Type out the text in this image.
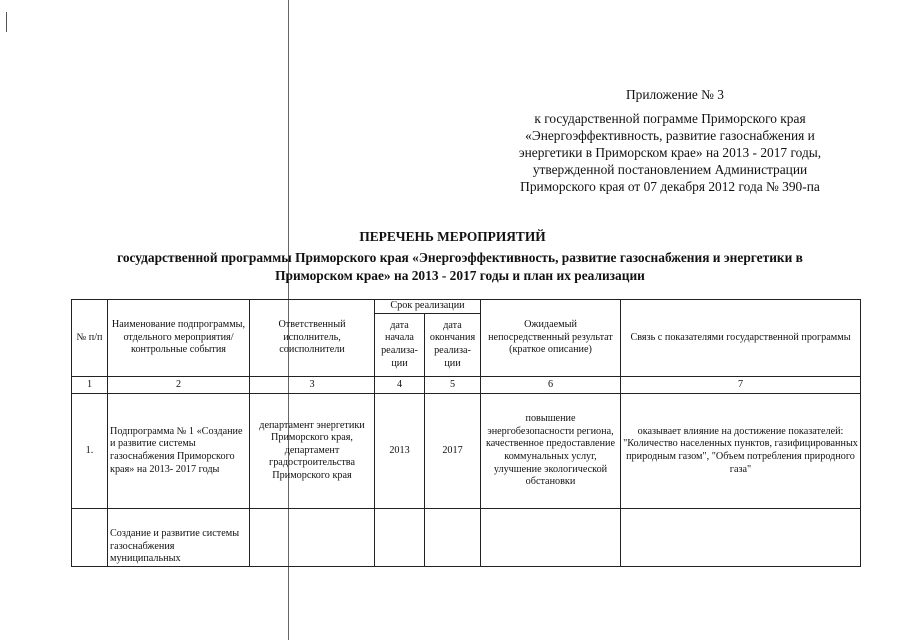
Приложение № 3
к государственной пограмме Приморского края
«Энергоэффективность, развитие газоснабжения и
энергетики в Приморском крае» на 2013 - 2017 годы,
утвержденной постановлением Администрации
Приморского края от 07 декабря 2012 года № 390-па
ПЕРЕЧЕНЬ МЕРОПРИЯТИЙ
государственной программы Приморского края «Энергоэффективность, развитие газоснабжения и энергетики в
Приморском крае» на 2013 - 2017 годы и план их реализации
№ п/п	Наименование подпрограммы, отдельного мероприятия/контрольные события	Ответственный исполнитель, соисполнители	Срок реализации		Ожидаемый непосредственный результат (краткое описание)	Связь с показателями государственной программы
			дата начала реализа-ции	дата окончания реализа-ции		
1	2	3	4	5	6	7
1.	Подпрограмма № 1 «Создание и развитие системы газоснабжения Приморского края» на 2013- 2017 годы	департамент энергетики Приморского края, департамент градостроительства Приморского края	2013	2017	повышение энергобезопасности региона, качественное предоставление коммунальных услуг, улучшение экологической обстановки	оказывает влияние на достижение показателей: "Количество населенных пунктов, газифицированных природным газом", "Объем потребления природного газа"
	Создание и развитие системы газоснабжения муниципальных					
